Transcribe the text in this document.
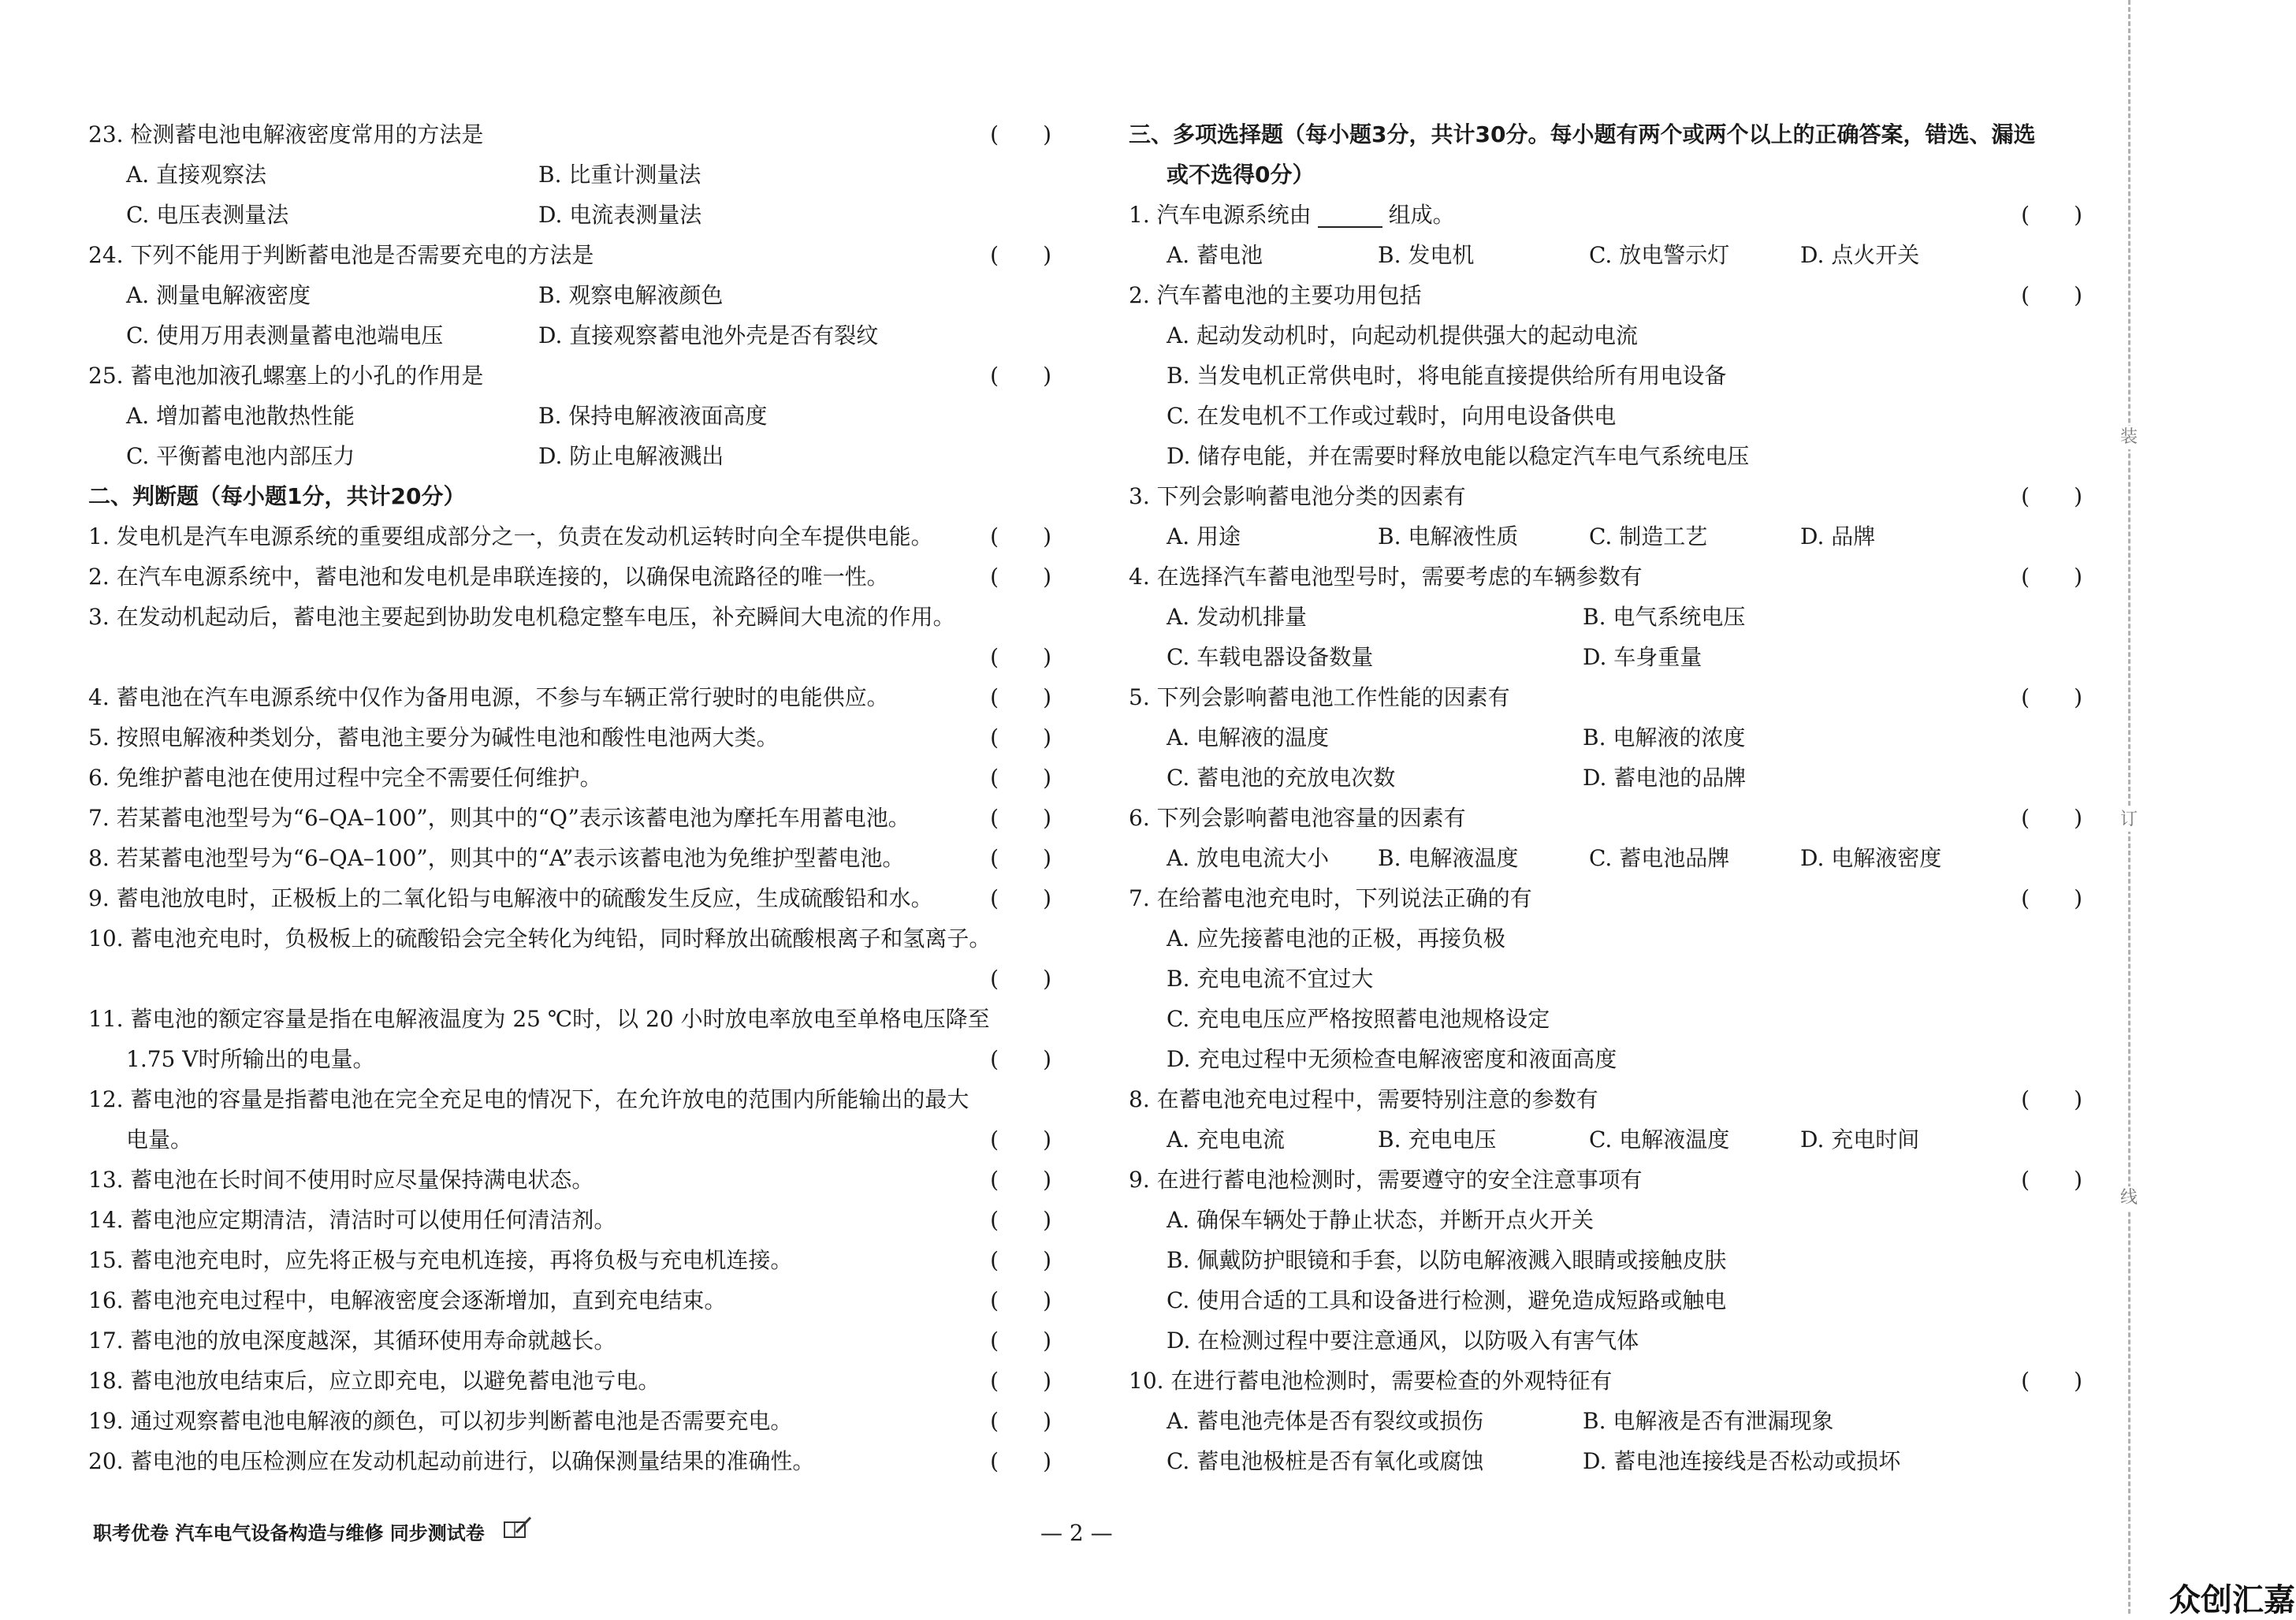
23. 检测蓄电池电解液密度常用的方法是	(　　)
A. 直接观察法	B. 比重计测量法
C. 电压表测量法	D. 电流表测量法
24. 下列不能用于判断蓄电池是否需要充电的方法是	(　　)
A. 测量电解液密度	B. 观察电解液颜色
C. 使用万用表测量蓄电池端电压	D. 直接观察蓄电池外壳是否有裂纹
25. 蓄电池加液孔螺塞上的小孔的作用是	(　　)
A. 增加蓄电池散热性能	B. 保持电解液液面高度
C. 平衡蓄电池内部压力	D. 防止电解液溅出
二、判断题（每小题1分，共计20分）
1. 发电机是汽车电源系统的重要组成部分之一，负责在发动机运转时向全车提供电能。	(　　)
2. 在汽车电源系统中，蓄电池和发电机是串联连接的，以确保电流路径的唯一性。	(　　)
3. 在发动机起动后，蓄电池主要起到协助发电机稳定整车电压，补充瞬间大电流的作用。
(　　)
4. 蓄电池在汽车电源系统中仅作为备用电源，不参与车辆正常行驶时的电能供应。	(　　)
5. 按照电解液种类划分，蓄电池主要分为碱性电池和酸性电池两大类。	(　　)
6. 免维护蓄电池在使用过程中完全不需要任何维护。	(　　)
7. 若某蓄电池型号为“6–QA–100”，则其中的“Q”表示该蓄电池为摩托车用蓄电池。	(　　)
8. 若某蓄电池型号为“6–QA–100”，则其中的“A”表示该蓄电池为免维护型蓄电池。	(　　)
9. 蓄电池放电时，正极板上的二氧化铅与电解液中的硫酸发生反应，生成硫酸铅和水。	(　　)
10. 蓄电池充电时，负极板上的硫酸铅会完全转化为纯铅，同时释放出硫酸根离子和氢离子。
(　　)
11. 蓄电池的额定容量是指在电解液温度为 25 ℃时，以 20 小时放电率放电至单格电压降至
1.75 V时所输出的电量。	(　　)
12. 蓄电池的容量是指蓄电池在完全充足电的情况下，在允许放电的范围内所能输出的最大
电量。	(　　)
13. 蓄电池在长时间不使用时应尽量保持满电状态。	(　　)
14. 蓄电池应定期清洁，清洁时可以使用任何清洁剂。	(　　)
15. 蓄电池充电时，应先将正极与充电机连接，再将负极与充电机连接。	(　　)
16. 蓄电池充电过程中，电解液密度会逐渐增加，直到充电结束。	(　　)
17. 蓄电池的放电深度越深，其循环使用寿命就越长。	(　　)
18. 蓄电池放电结束后，应立即充电，以避免蓄电池亏电。	(　　)
19. 通过观察蓄电池电解液的颜色，可以初步判断蓄电池是否需要充电。	(　　)
20. 蓄电池的电压检测应在发动机起动前进行，以确保测量结果的准确性。	(　　)
三、多项选择题（每小题3分，共计30分。每小题有两个或两个以上的正确答案，错选、漏选
或不选得0分）
1. 汽车电源系统由	组成。	(　　)
A. 蓄电池	B. 发电机	C. 放电警示灯	D. 点火开关
2. 汽车蓄电池的主要功用包括	(　　)
A. 起动发动机时，向起动机提供强大的起动电流
B. 当发电机正常供电时，将电能直接提供给所有用电设备
C. 在发电机不工作或过载时，向用电设备供电
D. 储存电能，并在需要时释放电能以稳定汽车电气系统电压
3. 下列会影响蓄电池分类的因素有	(　　)
A. 用途	B. 电解液性质	C. 制造工艺	D. 品牌
4. 在选择汽车蓄电池型号时，需要考虑的车辆参数有	(　　)
A. 发动机排量	B. 电气系统电压
C. 车载电器设备数量	D. 车身重量
5. 下列会影响蓄电池工作性能的因素有	(　　)
A. 电解液的温度	B. 电解液的浓度
C. 蓄电池的充放电次数	D. 蓄电池的品牌
6. 下列会影响蓄电池容量的因素有	(　　)
A. 放电电流大小 B. 电解液温度	C. 蓄电池品牌	D. 电解液密度
7. 在给蓄电池充电时，下列说法正确的有	(　　)
A. 应先接蓄电池的正极，再接负极
B. 充电电流不宜过大
C. 充电电压应严格按照蓄电池规格设定
D. 充电过程中无须检查电解液密度和液面高度
8. 在蓄电池充电过程中，需要特别注意的参数有	(　　)
A. 充电电流	B. 充电电压	C. 电解液温度	D. 充电时间
9. 在进行蓄电池检测时，需要遵守的安全注意事项有	(　　)
A. 确保车辆处于静止状态，并断开点火开关
B. 佩戴防护眼镜和手套，以防电解液溅入眼睛或接触皮肤
C. 使用合适的工具和设备进行检测，避免造成短路或触电
D. 在检测过程中要注意通风，以防吸入有害气体
10. 在进行蓄电池检测时，需要检查的外观特征有	(　　)
A. 蓄电池壳体是否有裂纹或损伤	B. 电解液是否有泄漏现象
C. 蓄电池极桩是否有氧化或腐蚀	D. 蓄电池连接线是否松动或损坏
装
订
线
职考优卷 汽车电气设备构造与维修 同步测试卷	— 2 —
众创汇嘉
